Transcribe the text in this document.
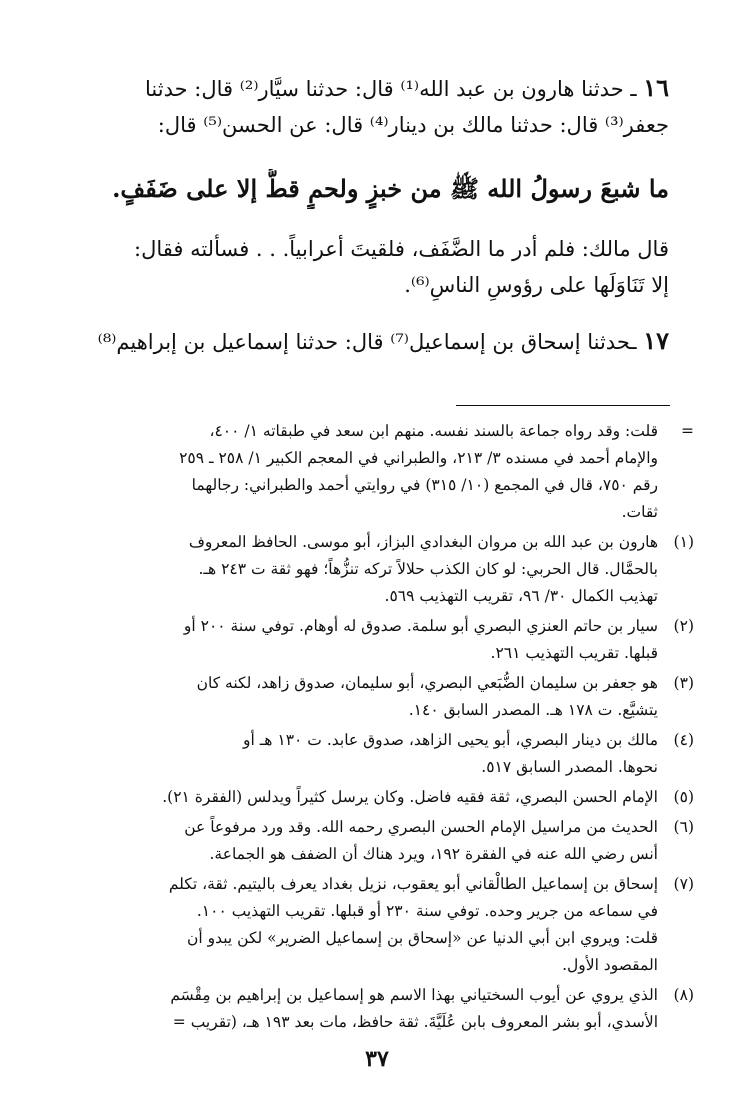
١٦ ـ حدثنا هارون بن عبد الله⁽¹⁾ قال: حدثنا سيَّار⁽²⁾ قال: حدثنا
جعفر⁽³⁾ قال: حدثنا مالك بن دينار⁽⁴⁾ قال: عن الحسن⁽⁵⁾ قال:
ما شبعَ رسولُ الله ﷺ من خبزٍ ولحمٍ قطُّ إلا على ضَفَفٍ.
قال مالك: فلم أدر ما الضَّفَف، فلقيتَ أعرابياً. . . فسألته فقال:
إلا تَنَاوَلَها على رؤوسِ الناسِ⁽⁶⁾.
١٧ ـحدثنا إسحاق بن إسماعيل⁽⁷⁾ قال: حدثنا إسماعيل بن إبراهيم⁽⁸⁾
=
قلت: وقد رواه جماعة بالسند نفسه. منهم ابن سعد في طبقاته ١/ ٤٠٠،
والإمام أحمد في مسنده ٣/ ٢١٣، والطبراني في المعجم الكبير ١/ ٢٥٨ ـ ٢٥٩
رقم ٧٥٠، قال في المجمع (١٠/ ٣١٥) في روايتي أحمد والطبراني: رجالهما
ثقات.
(١)
هارون بن عبد الله بن مروان البغدادي البزاز، أبو موسى. الحافظ المعروف
بالحمَّال. قال الحربي: لو كان الكذب حلالاً تركه تنزُّهاً؛ فهو ثقة ت ٢٤٣ هـ.
تهذيب الكمال ٣٠/ ٩٦، تقريب التهذيب ٥٦٩.
(٢)
سيار بن حاتم العنزي البصري أبو سلمة. صدوق له أوهام. توفي سنة ٢٠٠ أو
قبلها. تقريب التهذيب ٢٦١.
(٣)
هو جعفر بن سليمان الضُّبَعي البصري، أبو سليمان، صدوق زاهد، لكنه كان
يتشيَّع. ت ١٧٨ هـ. المصدر السابق ١٤٠.
(٤)
مالك بن دينار البصري، أبو يحيى الزاهد، صدوق عابد. ت ١٣٠ هـ أو
نحوها. المصدر السابق ٥١٧.
(٥)
الإمام الحسن البصري، ثقة فقيه فاضل. وكان يرسل كثيراً ويدلس (الفقرة ٢١).
(٦)
الحديث من مراسيل الإمام الحسن البصري رحمه الله. وقد ورد مرفوعاً عن
أنس رضي الله عنه في الفقرة ١٩٢، ويرد هناك أن الضفف هو الجماعة.
(٧)
إسحاق بن إسماعيل الطالْقاني أبو يعقوب، نزيل بغداد يعرف باليتيم. ثقة، تكلم
في سماعه من جرير وحده. توفي سنة ٢٣٠ أو قبلها. تقريب التهذيب ١٠٠.
قلت: ويروي ابن أبي الدنيا عن «إسحاق بن إسماعيل الضرير» لكن يبدو أن
المقصود الأول.
(٨)
الذي يروي عن أيوب السختياني بهذا الاسم هو إسماعيل بن إبراهيم بن مِقْسَم
الأسدي، أبو بشر المعروف بابن عُلَيَّةَ. ثقة حافظ، مات بعد ١٩٣ هـ، (تقريب =
٣٧
